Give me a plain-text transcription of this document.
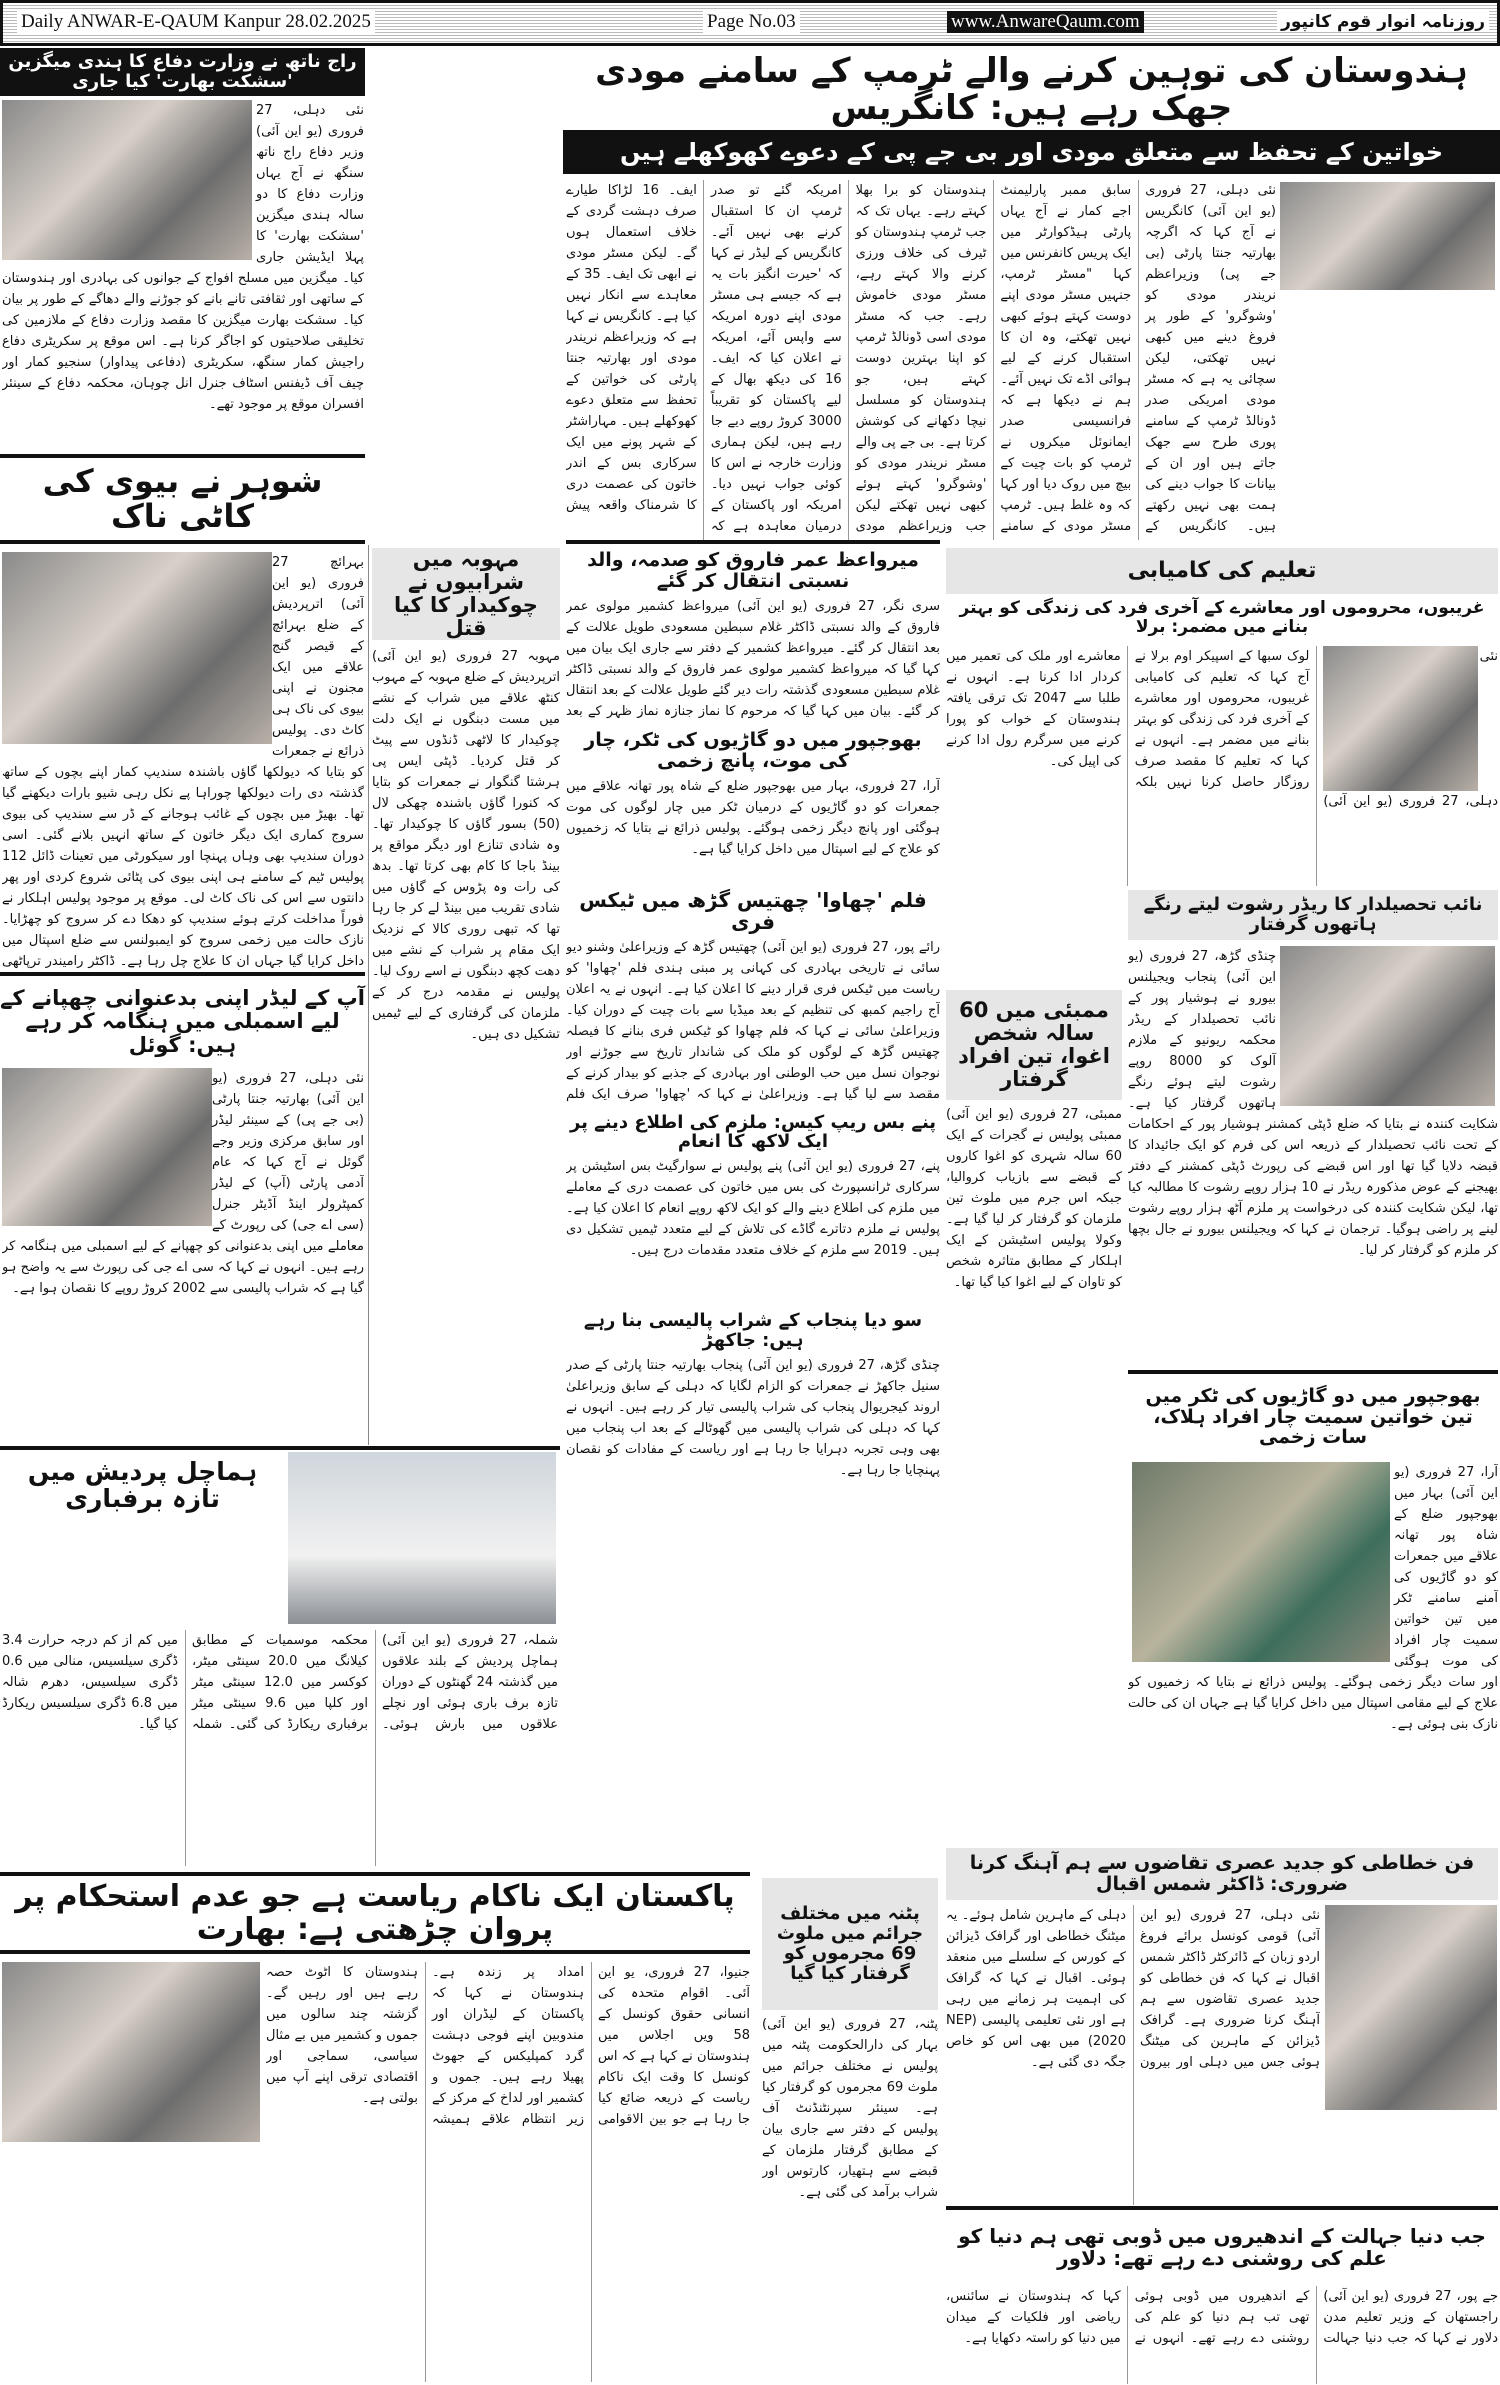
Daily ANWAR-E-QAUM Kanpur 28.02.2025	Page No.03	www.AnwareQaum.com	روزنامہ انوار قوم کانپور
ہندوستان کی توہین کرنے والے ٹرمپ کے سامنے مودی جھک رہے ہیں: کانگریس
خواتین کے تحفظ سے متعلق مودی اور بی جے پی کے دعوے کھوکھلے ہیں
نئی دہلی، 27 فروری (یو این آئی) کانگریس نے آج کہا کہ اگرچہ بھارتیہ جنتا پارٹی (بی جے پی) وزیراعظم نریندر مودی کو 'وشوگرو' کے طور پر فروغ دینے میں کبھی نہیں تھکتی، لیکن سچائی یہ ہے کہ مسٹر مودی امریکی صدر ڈونالڈ ٹرمپ کے سامنے پوری طرح سے جھک جاتے ہیں اور ان کے بیانات کا جواب دینے کی ہمت بھی نہیں رکھتے ہیں۔ کانگریس کے سابق ممبر پارلیمنٹ اجے کمار نے آج یہاں پارٹی ہیڈکوارٹر میں ایک پریس کانفرنس میں کہا "مسٹر ٹرمپ، جنہیں مسٹر مودی اپنے دوست کہتے ہوئے کبھی نہیں تھکتے، وہ ان کا استقبال کرنے کے لیے ہوائی اڈے تک نہیں آئے۔ ہم نے دیکھا ہے کہ فرانسیسی صدر ایمانوئل میکروں نے ٹرمپ کو بات چیت کے بیچ میں روک دیا اور کہا کہ وہ غلط ہیں۔ ٹرمپ مسٹر مودی کے سامنے ہندوستان کو برا بھلا کہتے رہے۔ یہاں تک کہ جب ٹرمپ ہندوستان کو ٹیرف کی خلاف ورزی کرنے والا کہتے رہے، مسٹر مودی خاموش رہے۔ جب کہ مسٹر مودی اسی ڈونالڈ ٹرمپ کو اپنا بہترین دوست کہتے ہیں، جو ہندوستان کو مسلسل نیچا دکھانے کی کوشش کرتا ہے۔ بی جے پی والے مسٹر نریندر مودی کو 'وشوگرو' کہتے ہوئے کبھی نہیں تھکتے لیکن جب وزیراعظم مودی امریکہ گئے تو صدر ٹرمپ ان کا استقبال کرنے بھی نہیں آئے۔ کانگریس کے لیڈر نے کہا کہ 'حیرت انگیز بات یہ ہے کہ جیسے ہی مسٹر مودی اپنے دورہ امریکہ سے واپس آئے، امریکہ نے اعلان کیا کہ ایف۔ 16 کی دیکھ بھال کے لیے پاکستان کو تقریباً 3000 کروڑ روپے دیے جا رہے ہیں، لیکن ہماری وزارت خارجہ نے اس کا کوئی جواب نہیں دیا۔ امریکہ اور پاکستان کے درمیان معاہدہ ہے کہ ایف۔ 16 لڑاکا طیارے صرف دہشت گردی کے خلاف استعمال ہوں گے۔ لیکن مسٹر مودی نے ابھی تک ایف۔ 35 کے معاہدے سے انکار نہیں کیا ہے۔ کانگریس نے کہا ہے کہ وزیراعظم نریندر مودی اور بھارتیہ جنتا پارٹی کی خواتین کے تحفظ سے متعلق دعوے کھوکھلے ہیں۔ مہاراشٹر کے شہر پونے میں ایک سرکاری بس کے اندر خاتون کی عصمت دری کا شرمناک واقعہ پیش
راج ناتھ نے وزارت دفاع کا ہندی میگزین 'سشکت بھارت' کیا جاری
نئی دہلی، 27 فروری (یو این آئی) وزیر دفاع راج ناتھ سنگھ نے آج یہاں وزارت دفاع کا دو سالہ ہندی میگزین 'سشکت بھارت' کا پہلا ایڈیشن جاری کیا۔ میگزین میں مسلح افواج کے جوانوں کی بہادری اور ہندوستان کے ساتھی اور ثقافتی تانے بانے کو جوڑنے والے دھاگے کے طور پر بیان کیا۔ سشکت بھارت میگزین کا مقصد وزارت دفاع کے ملازمین کی تخلیقی صلاحیتوں کو اجاگر کرنا ہے۔ اس موقع پر سکریٹری دفاع راجیش کمار سنگھ، سکریٹری (دفاعی پیداوار) سنجیو کمار اور چیف آف ڈیفنس اسٹاف جنرل انل چوہان، محکمہ دفاع کے سینئر افسران موقع پر موجود تھے۔
شوہر نے بیوی کی کاٹی ناک
بہرائچ 27 فروری (یو این آئی) اترپردیش کے ضلع بہرائچ کے قیصر گنج علاقے میں ایک مجنون نے اپنی بیوی کی ناک ہی کاٹ دی۔ پولیس ذرائع نے جمعرات کو بتایا کہ دیولکھا گاؤں باشندہ سندیپ کمار اپنے بچوں کے ساتھ گذشتہ دی رات دیولکھا چوراہا پے نکل رہی شیو بارات دیکھنے گیا تھا۔ بھیڑ میں بچوں کے غائب ہوجانے کے ڈر سے سندیپ کی بیوی سروج کماری ایک دیگر خاتون کے ساتھ انہیں بلانے گئی۔ اسی دوران سندیپ بھی وہاں پہنچا اور سیکورٹی میں تعینات ڈائل 112 پولیس ٹیم کے سامنے ہی اپنی بیوی کی پٹائی شروع کردی اور پھر دانتوں سے اس کی ناک کاٹ لی۔ موقع پر موجود پولیس اہلکار نے فوراً مداخلت کرتے ہوئے سندیپ کو دھکا دے کر سروج کو چھڑایا۔ نازک حالت میں زخمی سروج کو ایمبولنس سے ضلع اسپتال میں داخل کرایا گیا جہاں ان کا علاج چل رہا ہے۔ ڈاکٹر رامیندر ترپاٹھی
آپ کے لیڈر اپنی بدعنوانی چھپانے کے لیے اسمبلی میں ہنگامہ کر رہے ہیں: گوئل
نئی دہلی، 27 فروری (یو این آئی) بھارتیہ جنتا پارٹی (بی جے پی) کے سینئر لیڈر اور سابق مرکزی وزیر وجے گوئل نے آج کہا کہ عام آدمی پارٹی (آپ) کے لیڈر کمپٹرولر اینڈ آڈیٹر جنرل (سی اے جی) کی رپورٹ کے معاملے میں اپنی بدعنوانی کو چھپانے کے لیے اسمبلی میں ہنگامہ کر رہے ہیں۔ انہوں نے کہا کہ سی اے جی کی رپورٹ سے یہ واضح ہو گیا ہے کہ شراب پالیسی سے 2002 کروڑ روپے کا نقصان ہوا ہے۔
ہماچل پردیش میں تازہ برفباری
شملہ، 27 فروری (یو این آئی) ہماچل پردیش کے بلند علاقوں میں گذشتہ 24 گھنٹوں کے دوران تازہ برف باری ہوئی اور نچلے علاقوں میں بارش ہوئی۔ محکمہ موسمیات کے مطابق کیلانگ میں 20.0 سینٹی میٹر، کوکسر میں 12.0 سینٹی میٹر اور کلپا میں 9.6 سینٹی میٹر برفباری ریکارڈ کی گئی۔ شملہ میں کم از کم درجہ حرارت 3.4 ڈگری سیلسیس، منالی میں 0.6 ڈگری سیلسیس، دھرم شالہ میں 6.8 ڈگری سیلسیس ریکارڈ کیا گیا۔
مہوبہ میں شرابیوں نے چوکیدار کا کیا قتل
مہوبہ 27 فروری (یو این آئی) اترپردیش کے ضلع مہوبہ کے مہوب کنٹھ علاقے میں شراب کے نشے میں مست دبنگوں نے ایک دلت چوکیدار کا لاٹھی ڈنڈوں سے پیٹ کر قتل کردیا۔ ڈپٹی ایس پی ہرشتا گنگوار نے جمعرات کو بتایا کہ کنورا گاؤں باشندہ چھکی لال (50) بسور گاؤں کا چوکیدار تھا۔ وہ شادی تنازع اور دیگر مواقع پر بینڈ باجا کا کام بھی کرتا تھا۔ بدھ کی رات وہ پڑوس کے گاؤں میں شادی تقریب میں بینڈ لے کر جا رہا تھا کہ تبھی روری کالا کے نزدیک ایک مقام پر شراب کے نشے میں دھت کچھ دبنگوں نے اسے روک لیا۔ پولیس نے مقدمہ درج کر کے ملزمان کی گرفتاری کے لیے ٹیمیں تشکیل دی ہیں۔
میرواعظ عمر فاروق کو صدمہ، والد نسبتی انتقال کر گئے
سری نگر، 27 فروری (یو این آئی) میرواعظ کشمیر مولوی عمر فاروق کے والد نسبتی ڈاکٹر غلام سبطین مسعودی طویل علالت کے بعد انتقال کر گئے۔ میرواعظ کشمیر کے دفتر سے جاری ایک بیان میں کہا گیا کہ میرواعظ کشمیر مولوی عمر فاروق کے والد نسبتی ڈاکٹر غلام سبطین مسعودی گذشتہ رات دیر گئے طویل علالت کے بعد انتقال کر گئے۔ بیان میں کہا گیا کہ مرحوم کا نماز جنازہ نماز ظہر کے بعد
بھوجپور میں دو گاڑیوں کی ٹکر، چار کی موت، پانچ زخمی
آرا، 27 فروری، بہار میں بھوجپور ضلع کے شاہ پور تھانہ علاقے میں جمعرات کو دو گاڑیوں کے درمیان ٹکر میں چار لوگوں کی موت ہوگئی اور پانچ دیگر زخمی ہوگئے۔ پولیس ذرائع نے بتایا کہ زخمیوں کو علاج کے لیے اسپتال میں داخل کرایا گیا ہے۔
فلم 'چھاوا' چھتیس گڑھ میں ٹیکس فری
رائے پور، 27 فروری (یو این آئی) چھتیس گڑھ کے وزیراعلیٰ وشنو دیو سائی نے تاریخی بہادری کی کہانی پر مبنی ہندی فلم 'چھاوا' کو ریاست میں ٹیکس فری قرار دینے کا اعلان کیا ہے۔ انہوں نے یہ اعلان آج راجیم کمبھ کی تنظیم کے بعد میڈیا سے بات چیت کے دوران کیا۔ وزیراعلیٰ سائی نے کہا کہ فلم چھاوا کو ٹیکس فری بنانے کا فیصلہ چھتیس گڑھ کے لوگوں کو ملک کی شاندار تاریخ سے جوڑنے اور نوجوان نسل میں حب الوطنی اور بہادری کے جذبے کو بیدار کرنے کے مقصد سے لیا گیا ہے۔ وزیراعلیٰ نے کہا کہ 'چھاوا' صرف ایک فلم
پنے بس ریپ کیس: ملزم کی اطلاع دینے پر ایک لاکھ کا انعام
پنے، 27 فروری (یو این آئی) پنے پولیس نے سوارگیٹ بس اسٹیشن پر سرکاری ٹرانسپورٹ کی بس میں خاتون کی عصمت دری کے معاملے میں ملزم کی اطلاع دینے والے کو ایک لاکھ روپے انعام کا اعلان کیا ہے۔ پولیس نے ملزم دتاترے گاڈے کی تلاش کے لیے متعدد ٹیمیں تشکیل دی ہیں۔ 2019 سے ملزم کے خلاف متعدد مقدمات درج ہیں۔
سو دیا پنجاب کے شراب پالیسی بنا رہے ہیں: جاکھڑ
چنڈی گڑھ، 27 فروری (یو این آئی) پنجاب بھارتیہ جنتا پارٹی کے صدر سنیل جاکھڑ نے جمعرات کو الزام لگایا کہ دہلی کے سابق وزیراعلیٰ اروند کیجریوال پنجاب کی شراب پالیسی تیار کر رہے ہیں۔ انہوں نے کہا کہ دہلی کی شراب پالیسی میں گھوٹالے کے بعد اب پنجاب میں بھی وہی تجربہ دہرایا جا رہا ہے اور ریاست کے مفادات کو نقصان پہنچایا جا رہا ہے۔
تعلیم کی کامیابی
غریبوں، محروموں اور معاشرے کے آخری فرد کی زندگی کو بہتر بنانے میں مضمر: برلا
نئی دہلی، 27 فروری (یو این آئی) لوک سبھا کے اسپیکر اوم برلا نے آج کہا کہ تعلیم کی کامیابی غریبوں، محروموں اور معاشرے کے آخری فرد کی زندگی کو بہتر بنانے میں مضمر ہے۔ انہوں نے کہا کہ تعلیم کا مقصد صرف روزگار حاصل کرنا نہیں بلکہ معاشرے اور ملک کی تعمیر میں کردار ادا کرنا ہے۔ انہوں نے طلبا سے 2047 تک ترقی یافتہ ہندوستان کے خواب کو پورا کرنے میں سرگرم رول ادا کرنے کی اپیل کی۔
نائب تحصیلدار کا ریڈر رشوت لیتے رنگے ہاتھوں گرفتار
چنڈی گڑھ، 27 فروری (یو این آئی) پنجاب ویجیلنس بیورو نے ہوشیار پور کے نائب تحصیلدار کے ریڈر محکمہ ریونیو کے ملازم آلوک کو 8000 روپے رشوت لیتے ہوئے رنگے ہاتھوں گرفتار کیا ہے۔ شکایت کنندہ نے بتایا کہ ضلع ڈپٹی کمشنر ہوشیار پور کے احکامات کے تحت نائب تحصیلدار کے ذریعہ اس کی فرم کو ایک جائیداد کا قبضہ دلایا گیا تھا اور اس قبضے کی رپورٹ ڈپٹی کمشنر کے دفتر بھیجنے کے عوض مذکورہ ریڈر نے 10 ہزار روپے رشوت کا مطالبہ کیا تھا، لیکن شکایت کنندہ کی درخواست پر ملزم آٹھ ہزار روپے رشوت لینے پر راضی ہوگیا۔ ترجمان نے کہا کہ ویجیلنس بیورو نے جال بچھا کر ملزم کو گرفتار کر لیا۔
ممبئی میں 60 سالہ شخص اغوا، تین افراد گرفتار
ممبئی، 27 فروری (یو این آئی) ممبئی پولیس نے گجرات کے ایک 60 سالہ شہری کو اغوا کاروں کے قبضے سے بازیاب کروالیا، جبکہ اس جرم میں ملوث تین ملزمان کو گرفتار کر لیا گیا ہے۔ وکولا پولیس اسٹیشن کے ایک اہلکار کے مطابق متاثرہ شخص کو تاوان کے لیے اغوا کیا گیا تھا۔
بھوجپور میں دو گاڑیوں کی ٹکر میں تین خواتین سمیت چار افراد ہلاک، سات زخمی
آرا، 27 فروری (یو این آئی) بہار میں بھوجپور ضلع کے شاہ پور تھانہ علاقے میں جمعرات کو دو گاڑیوں کی آمنے سامنے ٹکر میں تین خواتین سمیت چار افراد کی موت ہوگئی اور سات دیگر زخمی ہوگئے۔ پولیس ذرائع نے بتایا کہ زخمیوں کو علاج کے لیے مقامی اسپتال میں داخل کرایا گیا ہے جہاں ان کی حالت نازک بنی ہوئی ہے۔
فن خطاطی کو جدید عصری تقاضوں سے ہم آہنگ کرنا ضروری: ڈاکٹر شمس اقبال
نئی دہلی، 27 فروری (یو این آئی) قومی کونسل برائے فروغ اردو زبان کے ڈائرکٹر ڈاکٹر شمس اقبال نے کہا کہ فن خطاطی کو جدید عصری تقاضوں سے ہم آہنگ کرنا ضروری ہے۔ گرافک ڈیزائن کے ماہرین کی میٹنگ ہوئی جس میں دہلی اور بیرون دہلی کے ماہرین شامل ہوئے۔ یہ میٹنگ خطاطی اور گرافک ڈیزائن کے کورس کے سلسلے میں منعقد ہوئی۔ اقبال نے کہا کہ گرافک کی اہمیت ہر زمانے میں رہی ہے اور نئی تعلیمی پالیسی (NEP 2020) میں بھی اس کو خاص جگہ دی گئی ہے۔
جب دنیا جہالت کے اندھیروں میں ڈوبی تھی ہم دنیا کو علم کی روشنی دے رہے تھے: دلاور
جے پور، 27 فروری (یو این آئی) راجستھان کے وزیر تعلیم مدن دلاور نے کہا کہ جب دنیا جہالت کے اندھیروں میں ڈوبی ہوئی تھی تب ہم دنیا کو علم کی روشنی دے رہے تھے۔ انہوں نے کہا کہ ہندوستان نے سائنس، ریاضی اور فلکیات کے میدان میں دنیا کو راستہ دکھایا ہے۔
پاکستان ایک ناکام ریاست ہے جو عدم استحکام پر پروان چڑھتی ہے: بھارت
جنیوا، 27 فروری، یو این آئی۔ اقوام متحدہ کی انسانی حقوق کونسل کے 58 ویں اجلاس میں ہندوستان نے کہا ہے کہ اس کونسل کا وقت ایک ناکام ریاست کے ذریعہ ضائع کیا جا رہا ہے جو بین الاقوامی امداد پر زندہ ہے۔ ہندوستان نے کہا کہ پاکستان کے لیڈران اور مندوبین اپنے فوجی دہشت گرد کمپلیکس کے جھوٹ پھیلا رہے ہیں۔ جموں و کشمیر اور لداخ کے مرکز کے زیر انتظام علاقے ہمیشہ ہندوستان کا اٹوٹ حصہ رہے ہیں اور رہیں گے۔ گزشتہ چند سالوں میں جموں و کشمیر میں بے مثال سیاسی، سماجی اور اقتصادی ترقی اپنے آپ میں بولتی ہے۔
پٹنہ میں مختلف جرائم میں ملوث 69 مجرموں کو گرفتار کیا گیا
پٹنہ، 27 فروری (یو این آئی) بہار کی دارالحکومت پٹنہ میں پولیس نے مختلف جرائم میں ملوث 69 مجرموں کو گرفتار کیا ہے۔ سینئر سپرنٹنڈنٹ آف پولیس کے دفتر سے جاری بیان کے مطابق گرفتار ملزمان کے قبضے سے ہتھیار، کارتوس اور شراب برآمد کی گئی ہے۔
